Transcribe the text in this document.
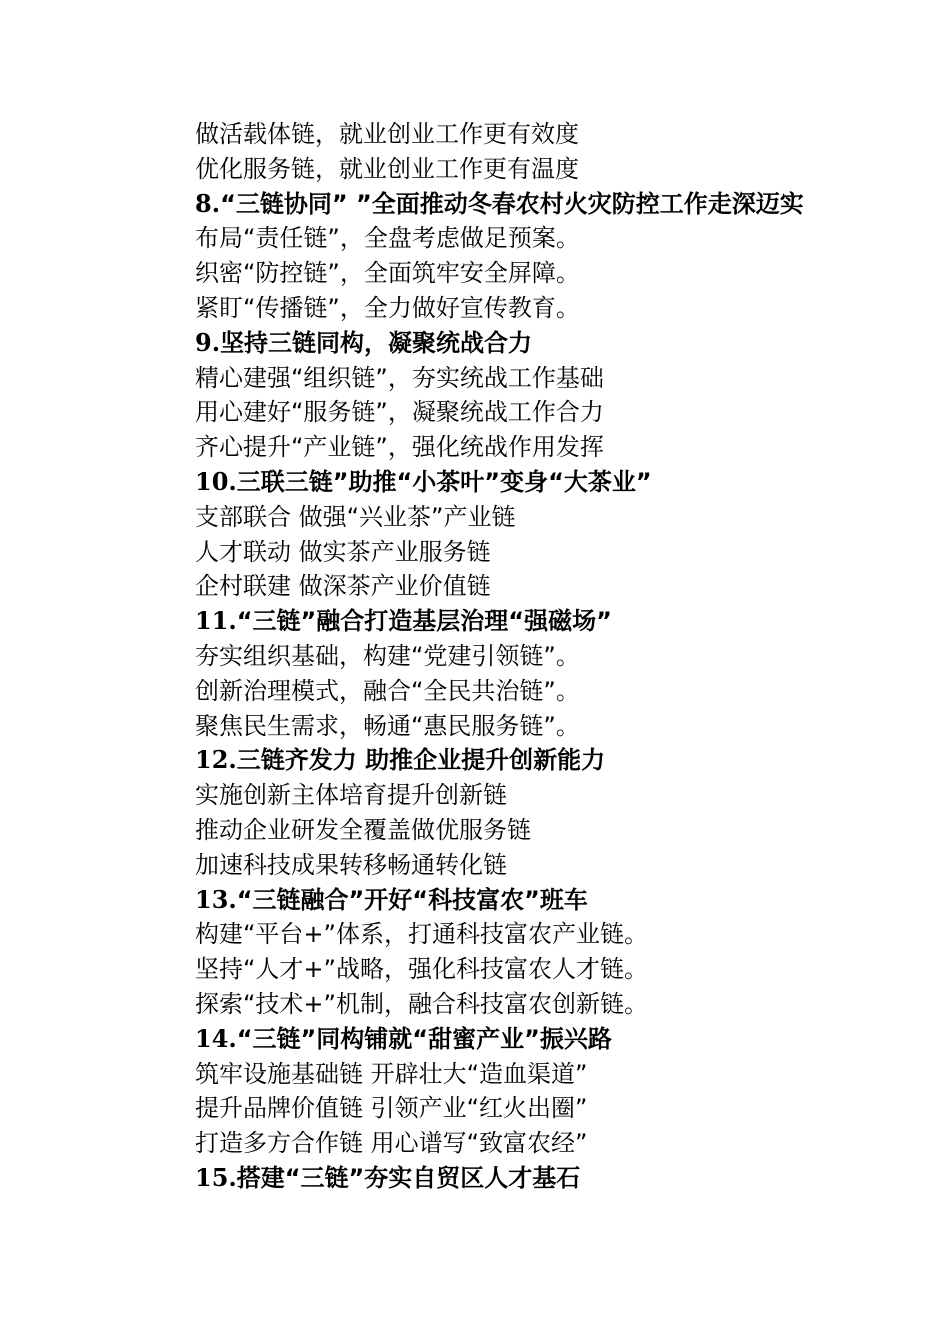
做活载体链，就业创业工作更有效度
优化服务链，就业创业工作更有温度
8.“三链协同” ”全面推动冬春农村火灾防控工作走深迈实
布局“责任链”，全盘考虑做足预案。
织密“防控链”，全面筑牢安全屏障。
紧盯“传播链”，全力做好宣传教育。
9.坚持三链同构，凝聚统战合力
精心建强“组织链”，夯实统战工作基础
用心建好“服务链”，凝聚统战工作合力
齐心提升“产业链”，强化统战作用发挥
10.三联三链”助推“小茶叶”变身“大茶业”
支部联合 做强“兴业茶”产业链
人才联动 做实茶产业服务链
企村联建 做深茶产业价值链
11.“三链”融合打造基层治理“强磁场”
夯实组织基础，构建“党建引领链”。
创新治理模式，融合“全民共治链”。
聚焦民生需求，畅通“惠民服务链”。
12.三链齐发力 助推企业提升创新能力
实施创新主体培育提升创新链
推动企业研发全覆盖做优服务链
加速科技成果转移畅通转化链
13.“三链融合”开好“科技富农”班车
构建“平台+”体系，打通科技富农产业链。
坚持“人才+”战略，强化科技富农人才链。
探索“技术+”机制，融合科技富农创新链。
14.“三链”同构铺就“甜蜜产业”振兴路
筑牢设施基础链 开辟壮大“造血渠道”
提升品牌价值链 引领产业“红火出圈”
打造多方合作链 用心谱写“致富农经”
15.搭建“三链”夯实自贸区人才基石
